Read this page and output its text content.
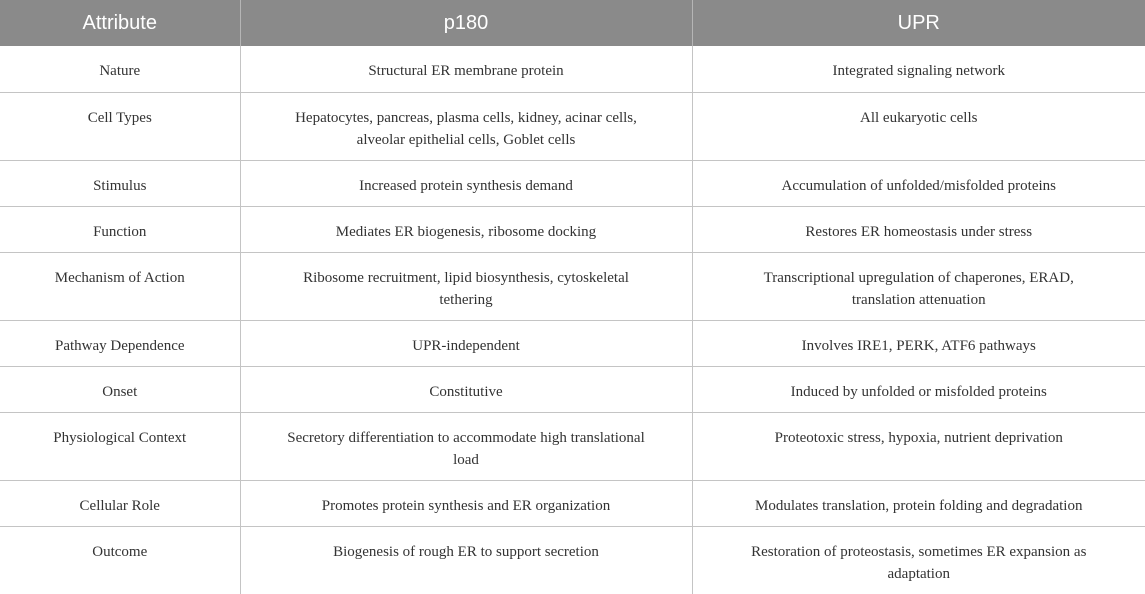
Attribute	p180	UPR
Nature	Structural ER membrane protein	Integrated signaling network
Cell Types	Hepatocytes, pancreas, plasma cells, kidney, acinar cells, alveolar epithelial cells, Goblet cells	All eukaryotic cells
Stimulus	Increased protein synthesis demand	Accumulation of unfolded/misfolded proteins
Function	Mediates ER biogenesis, ribosome docking	Restores ER homeostasis under stress
Mechanism of Action	Ribosome recruitment, lipid biosynthesis, cytoskeletal tethering	Transcriptional upregulation of chaperones, ERAD, translation attenuation
Pathway Dependence	UPR-independent	Involves IRE1, PERK, ATF6 pathways
Onset	Constitutive	Induced by unfolded or misfolded proteins
Physiological Context	Secretory differentiation to accommodate high translational load	Proteotoxic stress, hypoxia, nutrient deprivation
Cellular Role	Promotes protein synthesis and ER organization	Modulates translation, protein folding and degradation
Outcome	Biogenesis of rough ER to support secretion	Restoration of proteostasis, sometimes ER expansion as adaptation
